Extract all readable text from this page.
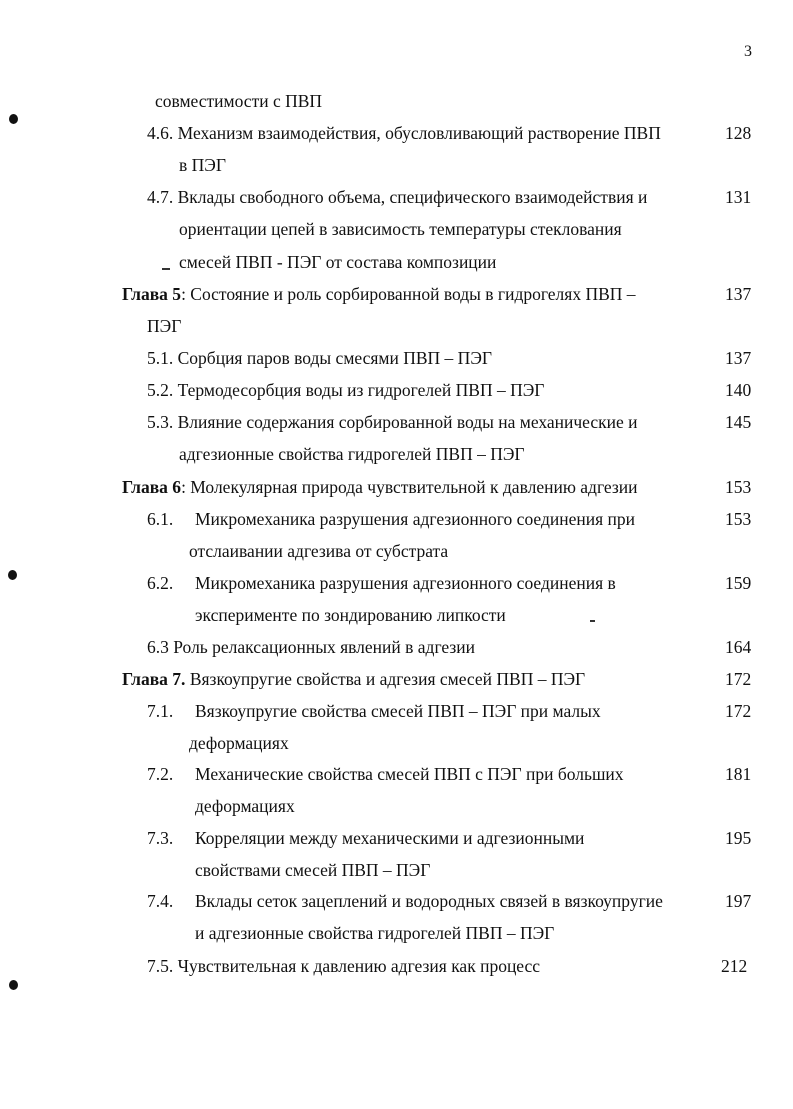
3
совместимости с ПВП
4.6. Механизм взаимодействия, обусловливающий растворение ПВП	128
в ПЭГ
4.7. Вклады свободного объема, специфического взаимодействия и	131
ориентации цепей в зависимость температуры стеклования
смесей ПВП - ПЭГ от состава композиции
Глава 5: Состояние и роль сорбированной воды в гидрогелях ПВП –	137
ПЭГ
5.1. Сорбция паров воды смесями ПВП – ПЭГ	137
5.2. Термодесорбция воды из гидрогелей ПВП – ПЭГ	140
5.3. Влияние содержания сорбированной воды на механические и	145
адгезионные свойства гидрогелей ПВП – ПЭГ
Глава 6: Молекулярная природа чувствительной к давлению адгезии	153
6.1. Микромеханика разрушения адгезионного соединения при	153
отслаивании адгезива от субстрата
6.2. Микромеханика разрушения адгезионного соединения в	159
эксперименте по зондированию липкости
6.3 Роль релаксационных явлений в адгезии	164
Глава 7. Вязкоупругие свойства и адгезия смесей ПВП – ПЭГ	172
7.1. Вязкоупругие свойства смесей ПВП – ПЭГ при малых	172
деформациях
7.2. Механические свойства смесей ПВП с ПЭГ при больших	181
деформациях
7.3. Корреляции между механическими и адгезионными	195
свойствами смесей ПВП – ПЭГ
7.4. Вклады сеток зацеплений и водородных связей в вязкоупругие	197
и адгезионные свойства гидрогелей ПВП – ПЭГ
7.5. Чувствительная к давлению адгезия как процесс	212
